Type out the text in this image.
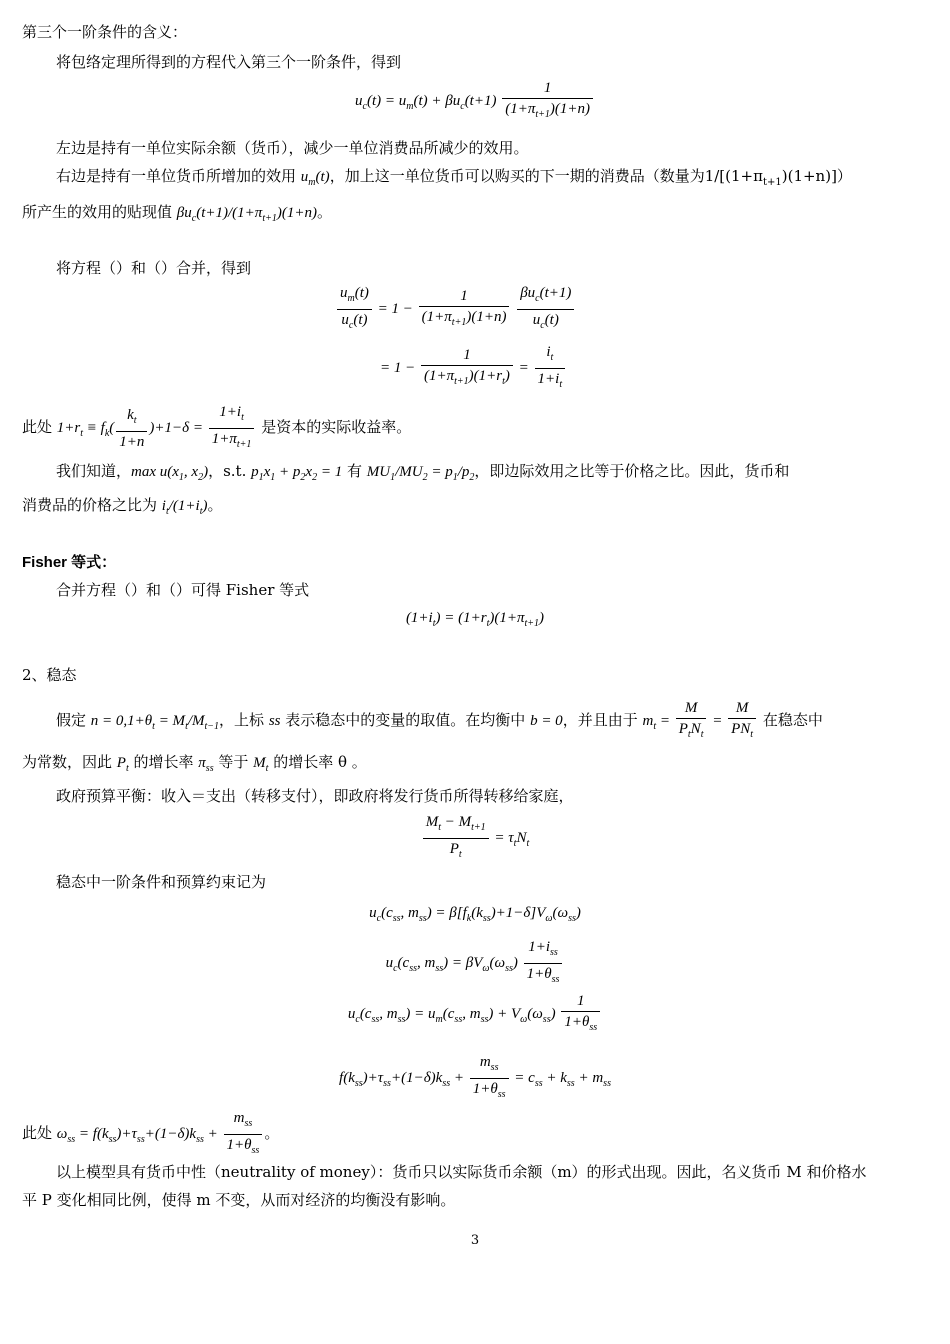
第三个一阶条件的含义：
将包络定理所得到的方程代入第三个一阶条件，得到
$u_c(t) = u_m(t) + \beta u_c(t+1) \frac{1}{(1+\pi_{t+1})(1+n)}$
左边是持有一单位实际余额（货币），减少一单位消费品所减少的效用。
右边是持有一单位货币所增加的效用 $u_m(t)$，加上这一单位货币可以购买的下一期的消费品（数量为$1/[(1+\pi_{t+1})(1+n)]$）
所产生的效用的贴现值 $\beta u_c(t+1)/(1+\pi_{t+1})(1+n)$。
将方程（）和（）合并，得到
$\frac{u_m(t)}{u_c(t)} = 1 - \frac{1}{(1+\pi_{t+1})(1+n)}$
$\frac{\beta u_c(t+1)}{u_c(t)}$
= $1 - \frac{1}{(1+\pi_{t+1})(1+r_t)} = \frac{i_t}{1+i_t}$
此处 $1+r_t \equiv f_k( \frac{k_t}{1+n} )+1-\delta = \frac{1+i_t}{1+\pi_{t+1}}$ 是资本的实际收益率。
我们知道，$\max u(x_1$, $x_2$)，s.t. $p_1x_1 + p_2x_2 = 1$ 有 $MU_1/MU_2 = p_1/p_2$，即边际效用之比等于价格之比。因此，货币和
消费品的价格之比为 $i_t/(1+i_t)$。
Fisher 等式：
合并方程（）和（）可得 Fisher 等式
$(1+i_t) = (1+r_t)(1+\pi_{t+1})$
2、稳态
假定 $n = 0,1+\theta_t = M_t/M_{t-1}$，上标 ss 表示稳态中的变量的取值。在均衡中 b = 0，并且由于 $m_t = \frac{M}{P_tN_t} = \frac{M}{PN_t}$ 在稳态中
为常数，因此 $P_t$ 的增长率 $\pi_{ss}$ 等于 $M_t$ 的增长率 θ 。
政府预算平衡：收入＝支出（转移支付），即政府将发行货币所得转移给家庭，
$\frac{M_t - M_{t+1}}{P_t} = \tau_tN_t$
稳态中一阶条件和预算约束记为
$u_c(c_{ss}$, $m_{ss}) = \beta[f_k(k_{ss})+1-\delta]V_\omega(\omega_{ss})$
$u_c(c_{ss}$, $m_{ss}) = \beta V_\omega(\omega_{ss}) \frac{1+i_{ss}}{1+\theta_{ss}}$
$u_c(c_{ss}$, $m_{ss}) = u_m(c_{ss}$, $m_{ss}) + V_\omega(\omega_{ss}) \frac{1}{1+\theta_{ss}}$
$f(k_{ss})+\tau_{ss}+(1-\delta)k_{ss} + \frac{m_{ss}}{1+\theta_{ss}} = c_{ss} + k_{ss} + m_{ss}$
此处 $\omega_{ss} = f(k_{ss})+\tau_{ss}+(1-\delta)k_{ss} + \frac{m_{ss}}{1+\theta_{ss}}$ 。
以上模型具有货币中性（neutrality of money）：货币只以实际货币余额（m）的形式出现。因此，名义货币 M 和价格水
平 P 变化相同比例，使得 m 不变，从而对经济的均衡没有影响。
3
